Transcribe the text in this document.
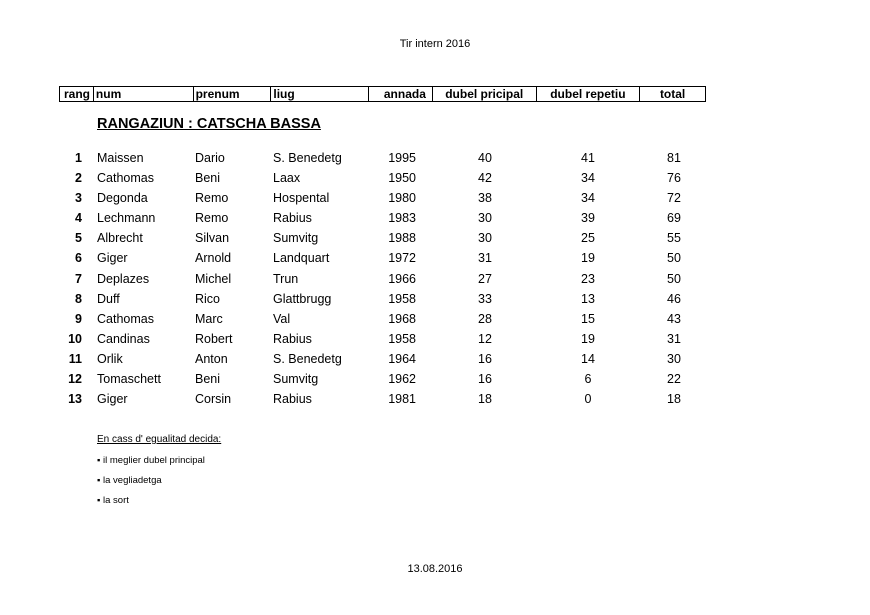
Tir intern 2016
rang num	prenum	liug	annada	dubel pricipal	dubel repetiu	total
RANGAZIUN : CATSCHA BASSA
1 Maissen	Dario	S. Benedetg	1995	40	41	81
2 Cathomas	Beni	Laax	1950	42	34	76
3 Degonda	Remo	Hospental	1980	38	34	72
4 Lechmann	Remo	Rabius	1983	30	39	69
5 Albrecht	Silvan	Sumvitg	1988	30	25	55
6 Giger	Arnold	Landquart	1972	31	19	50
7 Deplazes	Michel	Trun	1966	27	23	50
8 Duff	Rico	Glattbrugg	1958	33	13	46
9 Cathomas	Marc	Val	1968	28	15	43
10 Candinas	Robert	Rabius	1958	12	19	31
11 Orlik	Anton	S. Benedetg	1964	16	14	30
12 Tomaschett	Beni	Sumvitg	1962	16	6	22
13 Giger	Corsin	Rabius	1981	18	0	18
En cass d' egualitad decida:
▪ il meglier dubel principal
▪ la vegliadetga
▪ la sort
13.08.2016
